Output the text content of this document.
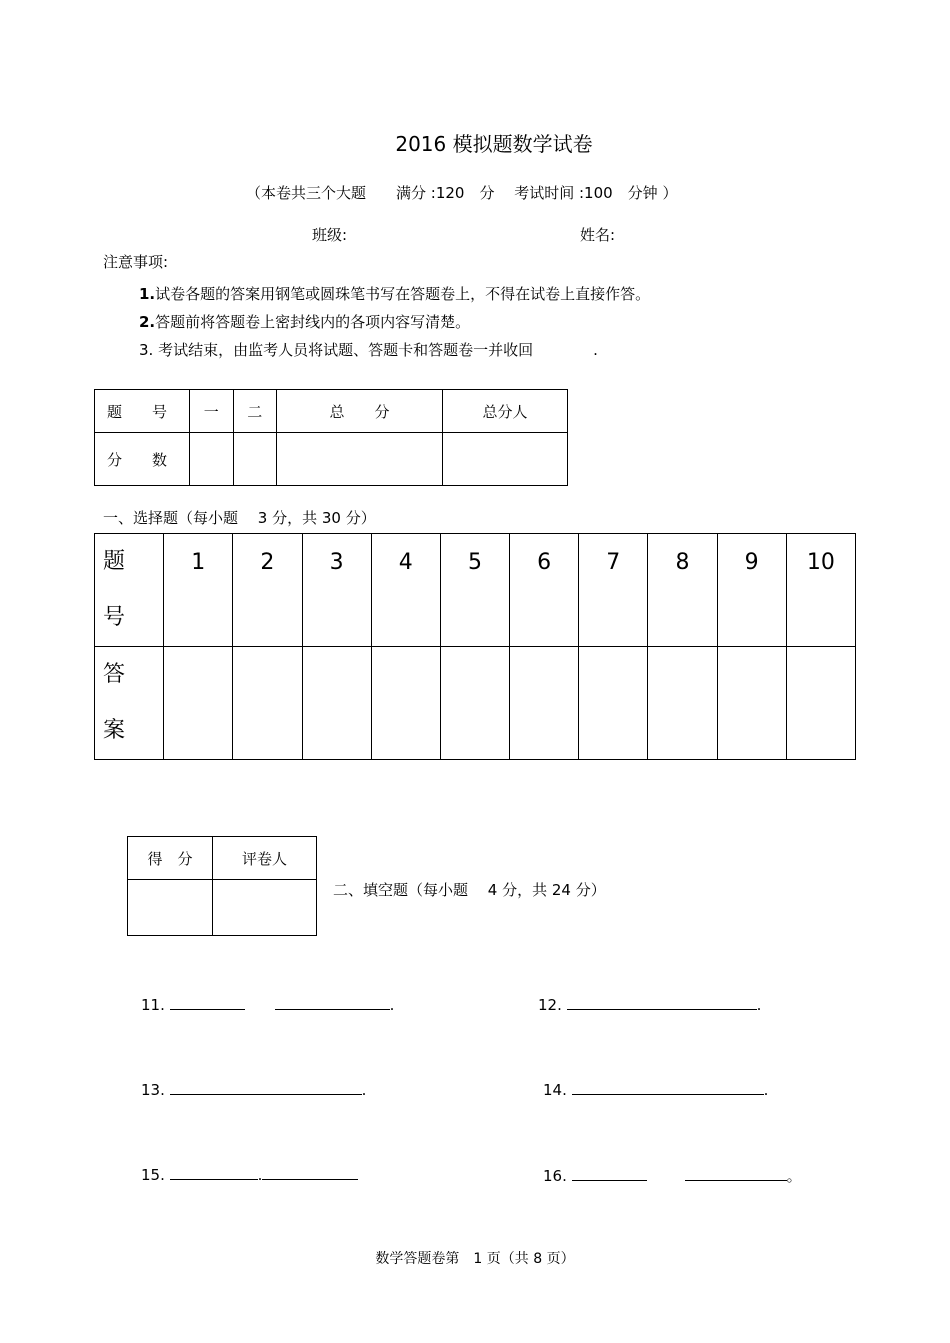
2016 模拟题数学试卷
（本卷共三个大题　　满分 :120　分　 考试时间 :100　分钟 ）
班级:	姓名:
注意事项:
1.试卷各题的答案用钢笔或圆珠笔书写在答题卷上，不得在试卷上直接作答。
2.答题前将答题卷上密封线内的各项内容写清楚。
3. 考试结束，由监考人员将试题、答题卡和答题卷一并收回　　　　.
题　　号	一	二	总　　分	总分人
分　　数				
一、选择题（每小题　 3 分，共 30 分）
题号	1	2	3	4	5	6	7	8	9	10

答案										

得　分	评卷人

二、填空题（每小题　 4 分，共 24 分）
11.	.	12.	.
13.	.	14.	.
15.	.	16.	。
数学答题卷第　1 页（共 8 页）
